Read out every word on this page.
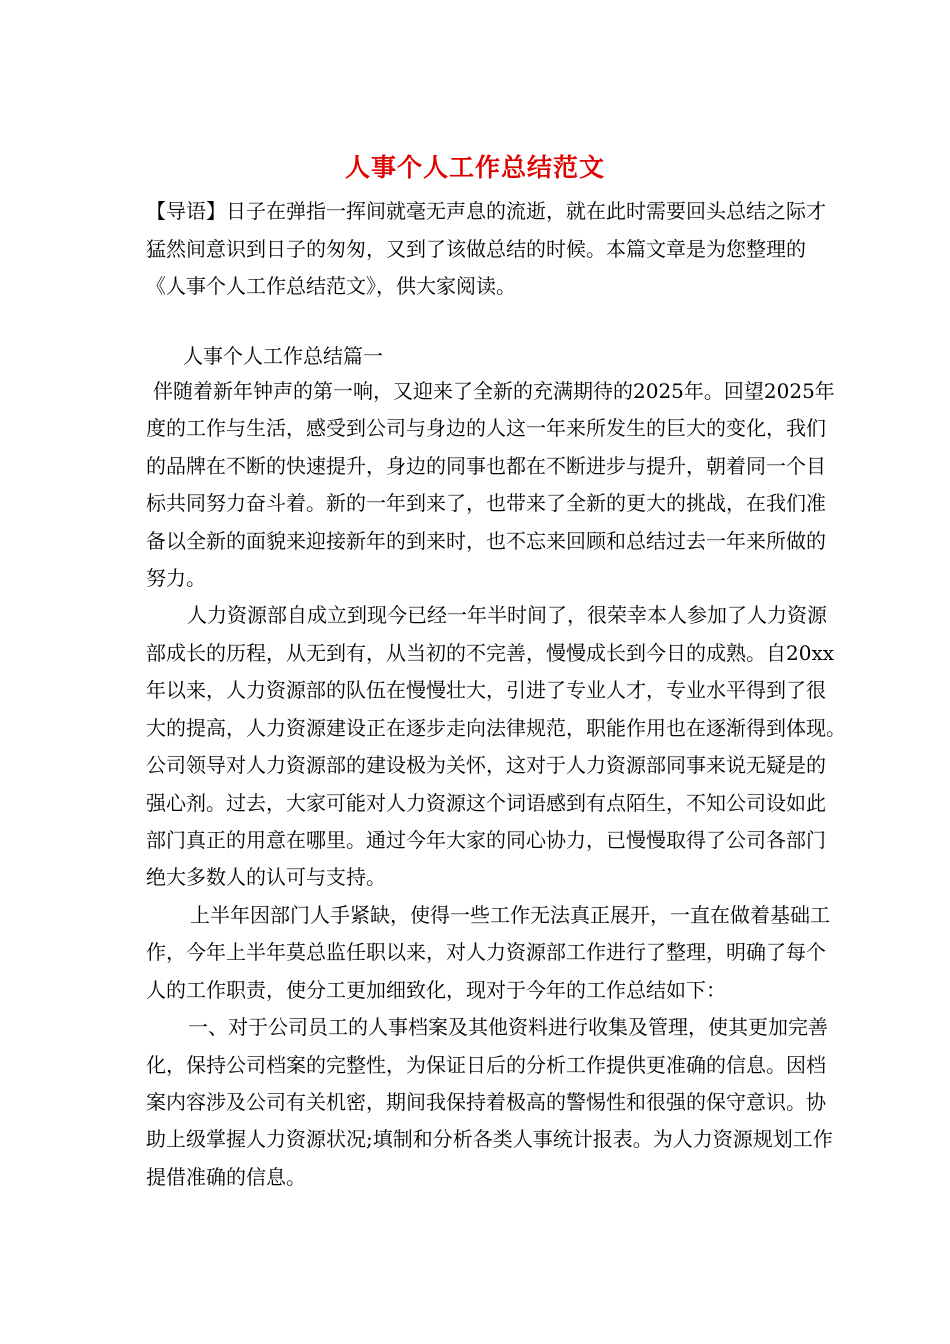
人事个人工作总结范文
【导语】日子在弹指一挥间就毫无声息的流逝，就在此时需要回头总结之际才
猛然间意识到日子的匆匆，又到了该做总结的时候。本篇文章是为您整理的
《人事个人工作总结范文》，供大家阅读。
人事个人工作总结篇一
伴随着新年钟声的第一响，又迎来了全新的充满期待的2025年。回望2025年
度的工作与生活，感受到公司与身边的人这一年来所发生的巨大的变化，我们
的品牌在不断的快速提升，身边的同事也都在不断进步与提升，朝着同一个目
标共同努力奋斗着。新的一年到来了，也带来了全新的更大的挑战，在我们准
备以全新的面貌来迎接新年的到来时，也不忘来回顾和总结过去一年来所做的
努力。
人力资源部自成立到现今已经一年半时间了，很荣幸本人参加了人力资源
部成长的历程，从无到有，从当初的不完善，慢慢成长到今日的成熟。自20xx
年以来，人力资源部的队伍在慢慢壮大，引进了专业人才，专业水平得到了很
大的提高，人力资源建设正在逐步走向法律规范，职能作用也在逐渐得到体现。
公司领导对人力资源部的建设极为关怀，这对于人力资源部同事来说无疑是的
强心剂。过去，大家可能对人力资源这个词语感到有点陌生，不知公司设如此
部门真正的用意在哪里。通过今年大家的同心协力，已慢慢取得了公司各部门
绝大多数人的认可与支持。
上半年因部门人手紧缺，使得一些工作无法真正展开，一直在做着基础工
作，今年上半年莫总监任职以来，对人力资源部工作进行了整理，明确了每个
人的工作职责，使分工更加细致化，现对于今年的工作总结如下：
一、对于公司员工的人事档案及其他资料进行收集及管理，使其更加完善
化，保持公司档案的完整性，为保证日后的分析工作提供更准确的信息。因档
案内容涉及公司有关机密，期间我保持着极高的警惕性和很强的保守意识。协
助上级掌握人力资源状况;填制和分析各类人事统计报表。为人力资源规划工作
提借准确的信息。
